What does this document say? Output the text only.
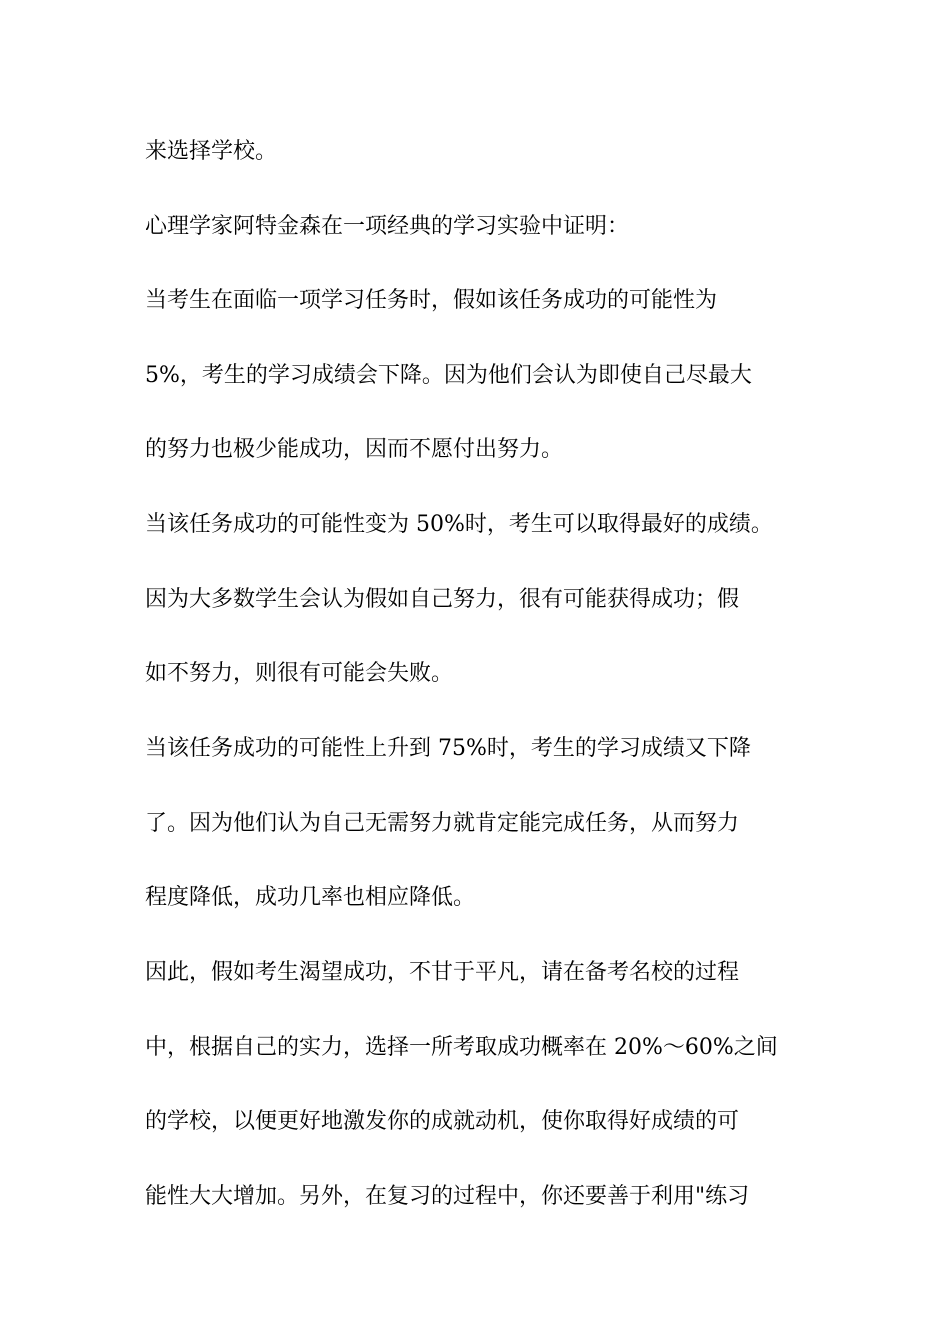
来选择学校。
心理学家阿特金森在一项经典的学习实验中证明：
当考生在面临一项学习任务时，假如该任务成功的可能性为
5%，考生的学习成绩会下降。因为他们会认为即使自己尽最大
的努力也极少能成功，因而不愿付出努力。
当该任务成功的可能性变为 50%时，考生可以取得最好的成绩。
因为大多数学生会认为假如自己努力，很有可能获得成功；假
如不努力，则很有可能会失败。
当该任务成功的可能性上升到 75%时，考生的学习成绩又下降
了。因为他们认为自己无需努力就肯定能完成任务，从而努力
程度降低，成功几率也相应降低。
因此，假如考生渴望成功，不甘于平凡，请在备考名校的过程
中，根据自己的实力，选择一所考取成功概率在 20%～60%之间
的学校，以便更好地激发你的成就动机，使你取得好成绩的可
能性大大增加。另外，在复习的过程中，你还要善于利用"练习
